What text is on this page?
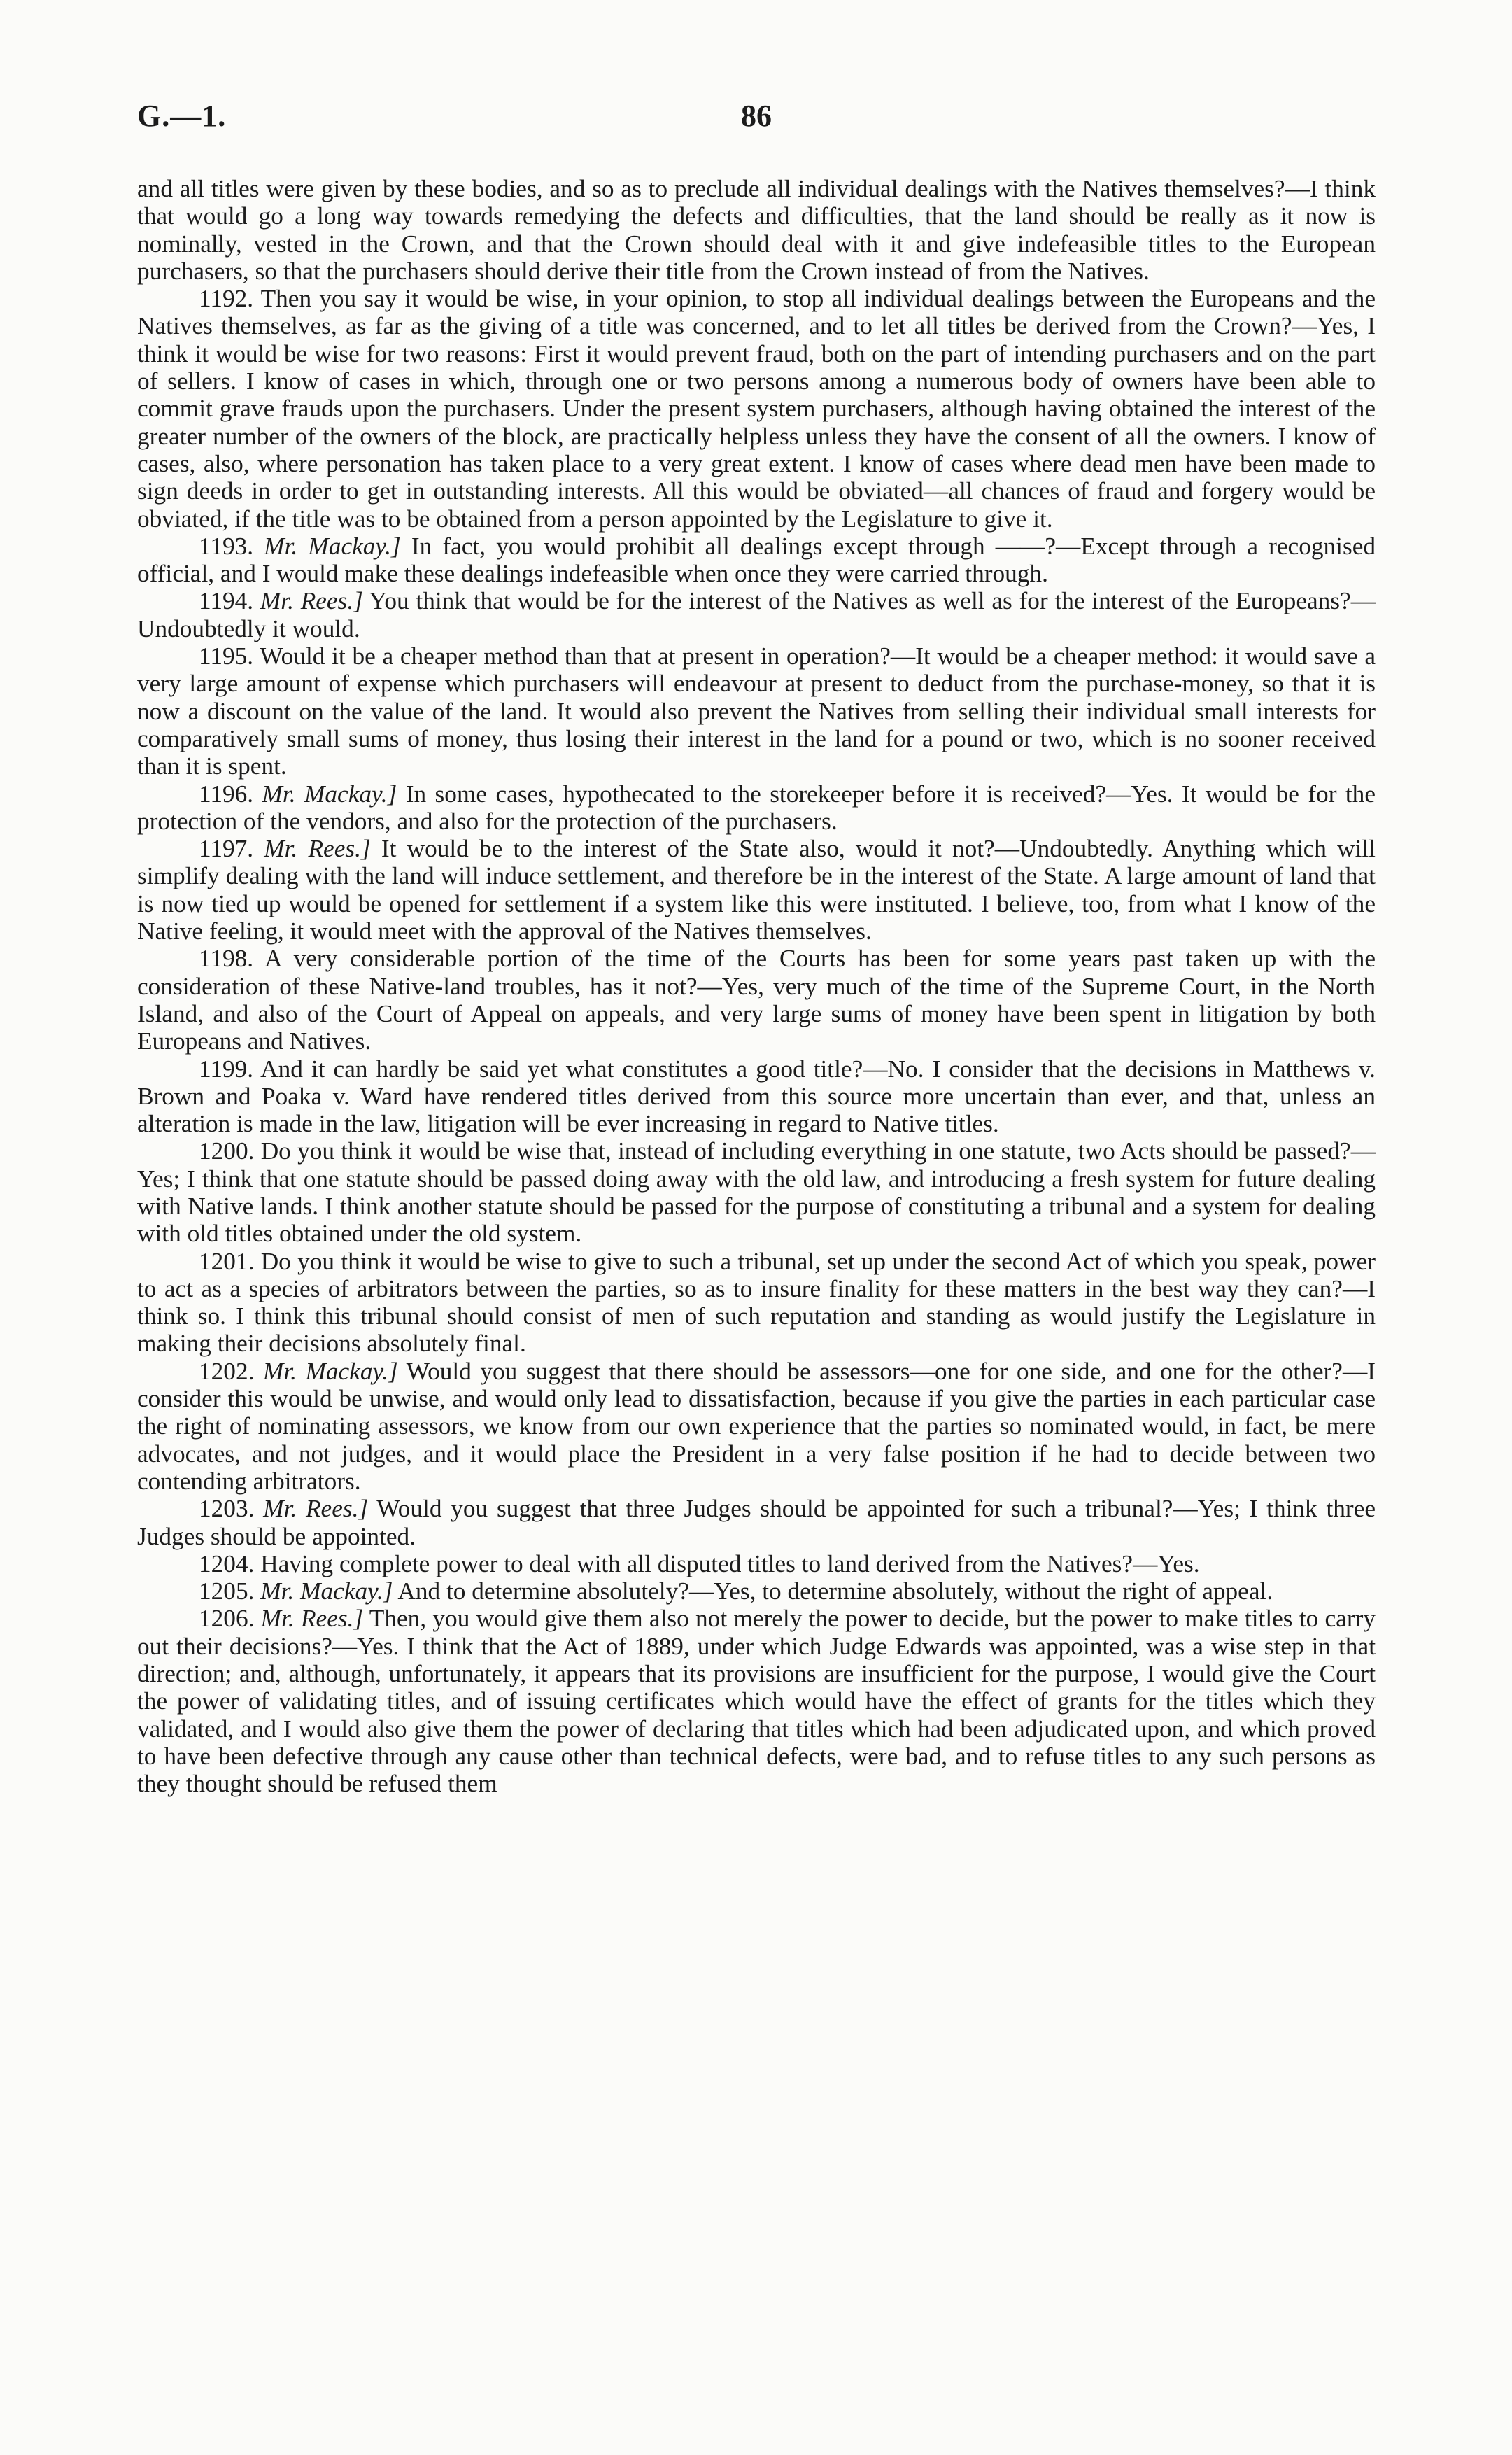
G.—1.	86

and all titles were given by these bodies, and so as to preclude all individual dealings with the Natives themselves?—I think that would go a long way towards remedying the defects and difficulties, that the land should be really as it now is nominally, vested in the Crown, and that the Crown should deal with it and give indefeasible titles to the European purchasers, so that the purchasers should derive their title from the Crown instead of from the Natives.

1192. Then you say it would be wise, in your opinion, to stop all individual dealings between the Europeans and the Natives themselves, as far as the giving of a title was concerned, and to let all titles be derived from the Crown?—Yes, I think it would be wise for two reasons: First it would prevent fraud, both on the part of intending purchasers and on the part of sellers. I know of cases in which, through one or two persons among a numerous body of owners have been able to commit grave frauds upon the purchasers. Under the present system purchasers, although having obtained the interest of the greater number of the owners of the block, are practically helpless unless they have the consent of all the owners. I know of cases, also, where personation has taken place to a very great extent. I know of cases where dead men have been made to sign deeds in order to get in outstanding interests. All this would be obviated—all chances of fraud and forgery would be obviated, if the title was to be obtained from a person appointed by the Legislature to give it.

1193. Mr. Mackay.] In fact, you would prohibit all dealings except through ——?—Except through a recognised official, and I would make these dealings indefeasible when once they were carried through.

1194. Mr. Rees.] You think that would be for the interest of the Natives as well as for the interest of the Europeans?—Undoubtedly it would.

1195. Would it be a cheaper method than that at present in operation?—It would be a cheaper method: it would save a very large amount of expense which purchasers will endeavour at present to deduct from the purchase-money, so that it is now a discount on the value of the land. It would also prevent the Natives from selling their individual small interests for comparatively small sums of money, thus losing their interest in the land for a pound or two, which is no sooner received than it is spent.

1196. Mr. Mackay.] In some cases, hypothecated to the storekeeper before it is received?—Yes. It would be for the protection of the vendors, and also for the protection of the purchasers.

1197. Mr. Rees.] It would be to the interest of the State also, would it not?—Undoubtedly. Anything which will simplify dealing with the land will induce settlement, and therefore be in the interest of the State. A large amount of land that is now tied up would be opened for settlement if a system like this were instituted. I believe, too, from what I know of the Native feeling, it would meet with the approval of the Natives themselves.

1198. A very considerable portion of the time of the Courts has been for some years past taken up with the consideration of these Native-land troubles, has it not?—Yes, very much of the time of the Supreme Court, in the North Island, and also of the Court of Appeal on appeals, and very large sums of money have been spent in litigation by both Europeans and Natives.

1199. And it can hardly be said yet what constitutes a good title?—No. I consider that the decisions in Matthews v. Brown and Poaka v. Ward have rendered titles derived from this source more uncertain than ever, and that, unless an alteration is made in the law, litigation will be ever increasing in regard to Native titles.

1200. Do you think it would be wise that, instead of including everything in one statute, two Acts should be passed?—Yes; I think that one statute should be passed doing away with the old law, and introducing a fresh system for future dealing with Native lands. I think another statute should be passed for the purpose of constituting a tribunal and a system for dealing with old titles obtained under the old system.

1201. Do you think it would be wise to give to such a tribunal, set up under the second Act of which you speak, power to act as a species of arbitrators between the parties, so as to insure finality for these matters in the best way they can?—I think so. I think this tribunal should consist of men of such reputation and standing as would justify the Legislature in making their decisions absolutely final.

1202. Mr. Mackay.] Would you suggest that there should be assessors—one for one side, and one for the other?—I consider this would be unwise, and would only lead to dissatisfaction, because if you give the parties in each particular case the right of nominating assessors, we know from our own experience that the parties so nominated would, in fact, be mere advocates, and not judges, and it would place the President in a very false position if he had to decide between two contending arbitrators.

1203. Mr. Rees.] Would you suggest that three Judges should be appointed for such a tribunal?—Yes; I think three Judges should be appointed.

1204. Having complete power to deal with all disputed titles to land derived from the Natives?—Yes.

1205. Mr. Mackay.] And to determine absolutely?—Yes, to determine absolutely, without the right of appeal.

1206. Mr. Rees.] Then, you would give them also not merely the power to decide, but the power to make titles to carry out their decisions?—Yes. I think that the Act of 1889, under which Judge Edwards was appointed, was a wise step in that direction; and, although, unfortunately, it appears that its provisions are insufficient for the purpose, I would give the Court the power of validating titles, and of issuing certificates which would have the effect of grants for the titles which they validated, and I would also give them the power of declaring that titles which had been adjudicated upon, and which proved to have been defective through any cause other than technical defects, were bad, and to refuse titles to any such persons as they thought should be refused them
